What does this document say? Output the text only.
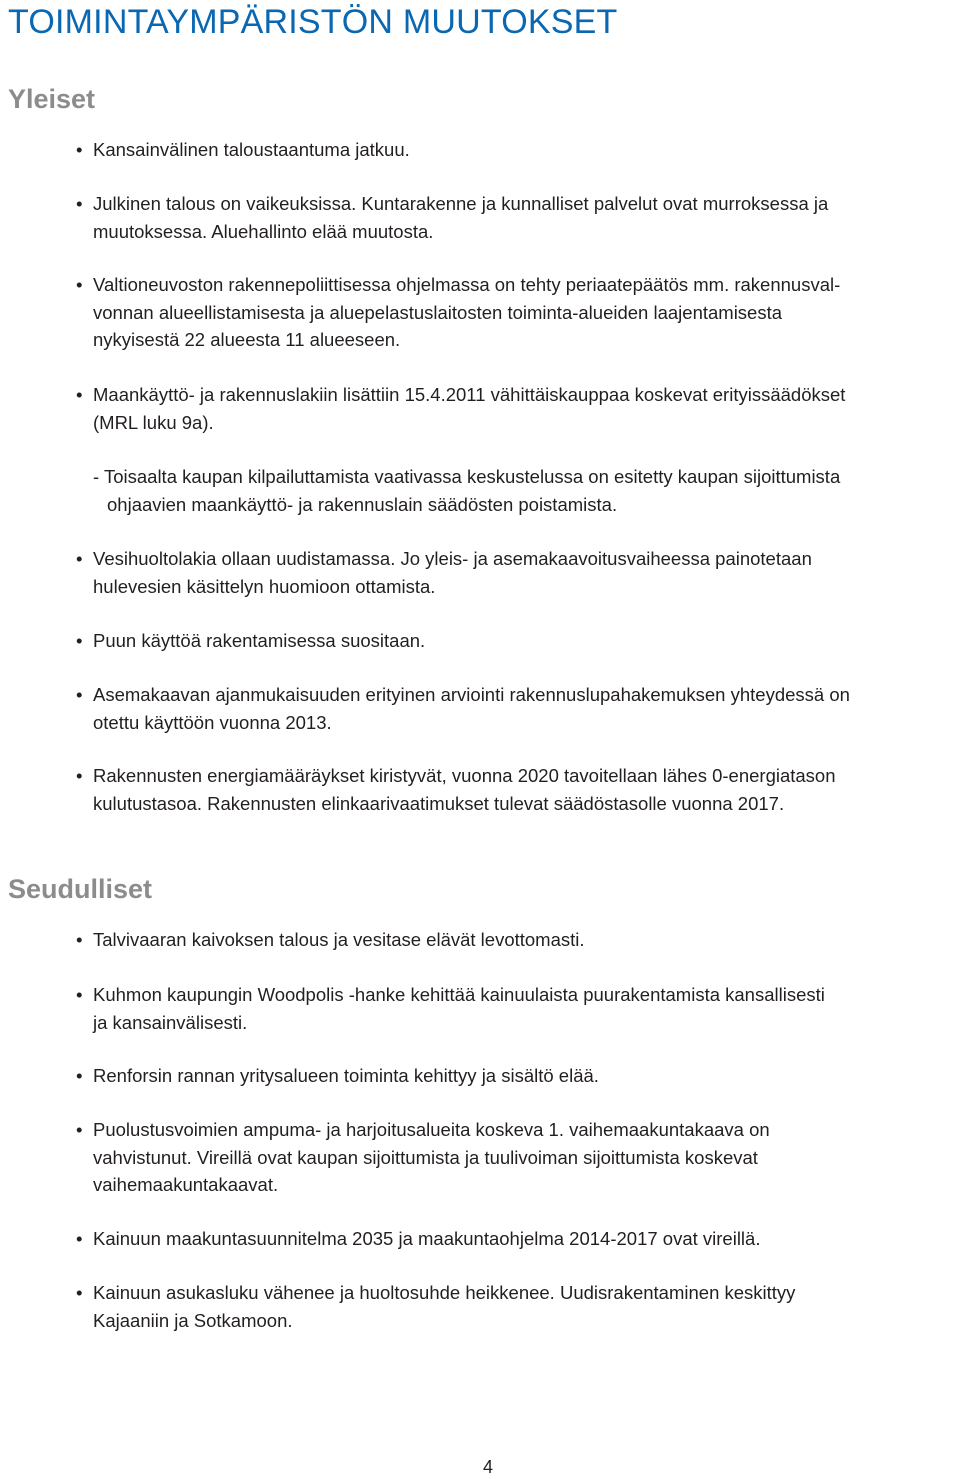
TOIMINTAYMPÄRISTÖN MUUTOKSET
Yleiset
• Kansainvälinen taloustaantuma jatkuu.
• Julkinen talous on vaikeuksissa. Kuntarakenne ja kunnalliset palvelut ovat murroksessa ja
muutoksessa. Aluehallinto elää muutosta.
• Valtioneuvoston rakennepoliittisessa ohjelmassa on tehty periaatepäätös mm. rakennusval-
vonnan alueellistamisesta ja aluepelastuslaitosten toiminta-alueiden laajentamisesta
nykyisestä 22 alueesta 11 alueeseen.
• Maankäyttö- ja rakennuslakiin lisättiin 15.4.2011 vähittäiskauppaa koskevat erityissäädökset
(MRL luku 9a).
- Toisaalta kaupan kilpailuttamista vaativassa keskustelussa on esitetty kaupan sijoittumista
ohjaavien maankäyttö- ja rakennuslain säädösten poistamista.
• Vesihuoltolakia ollaan uudistamassa. Jo yleis- ja asemakaavoitusvaiheessa painotetaan
hulevesien käsittelyn huomioon ottamista.
• Puun käyttöä rakentamisessa suositaan.
• Asemakaavan ajanmukaisuuden erityinen arviointi rakennuslupahakemuksen yhteydessä on
otettu käyttöön vuonna 2013.
• Rakennusten energiamääräykset kiristyvät, vuonna 2020 tavoitellaan lähes 0-energiatason
kulutustasoa. Rakennusten elinkaarivaatimukset tulevat säädöstasolle vuonna 2017.
Seudulliset
• Talvivaaran kaivoksen talous ja vesitase elävät levottomasti.
• Kuhmon kaupungin Woodpolis -hanke kehittää kainuulaista puurakentamista kansallisesti
ja kansainvälisesti.
• Renforsin rannan yritysalueen toiminta kehittyy ja sisältö elää.
• Puolustusvoimien ampuma- ja harjoitusalueita koskeva 1. vaihemaakuntakaava on
vahvistunut. Vireillä ovat kaupan sijoittumista ja tuulivoiman sijoittumista koskevat
vaihemaakuntakaavat.
• Kainuun maakuntasuunnitelma 2035 ja maakuntaohjelma 2014-2017 ovat vireillä.
• Kainuun asukasluku vähenee ja huoltosuhde heikkenee. Uudisrakentaminen keskittyy
Kajaaniin ja Sotkamoon.
4
